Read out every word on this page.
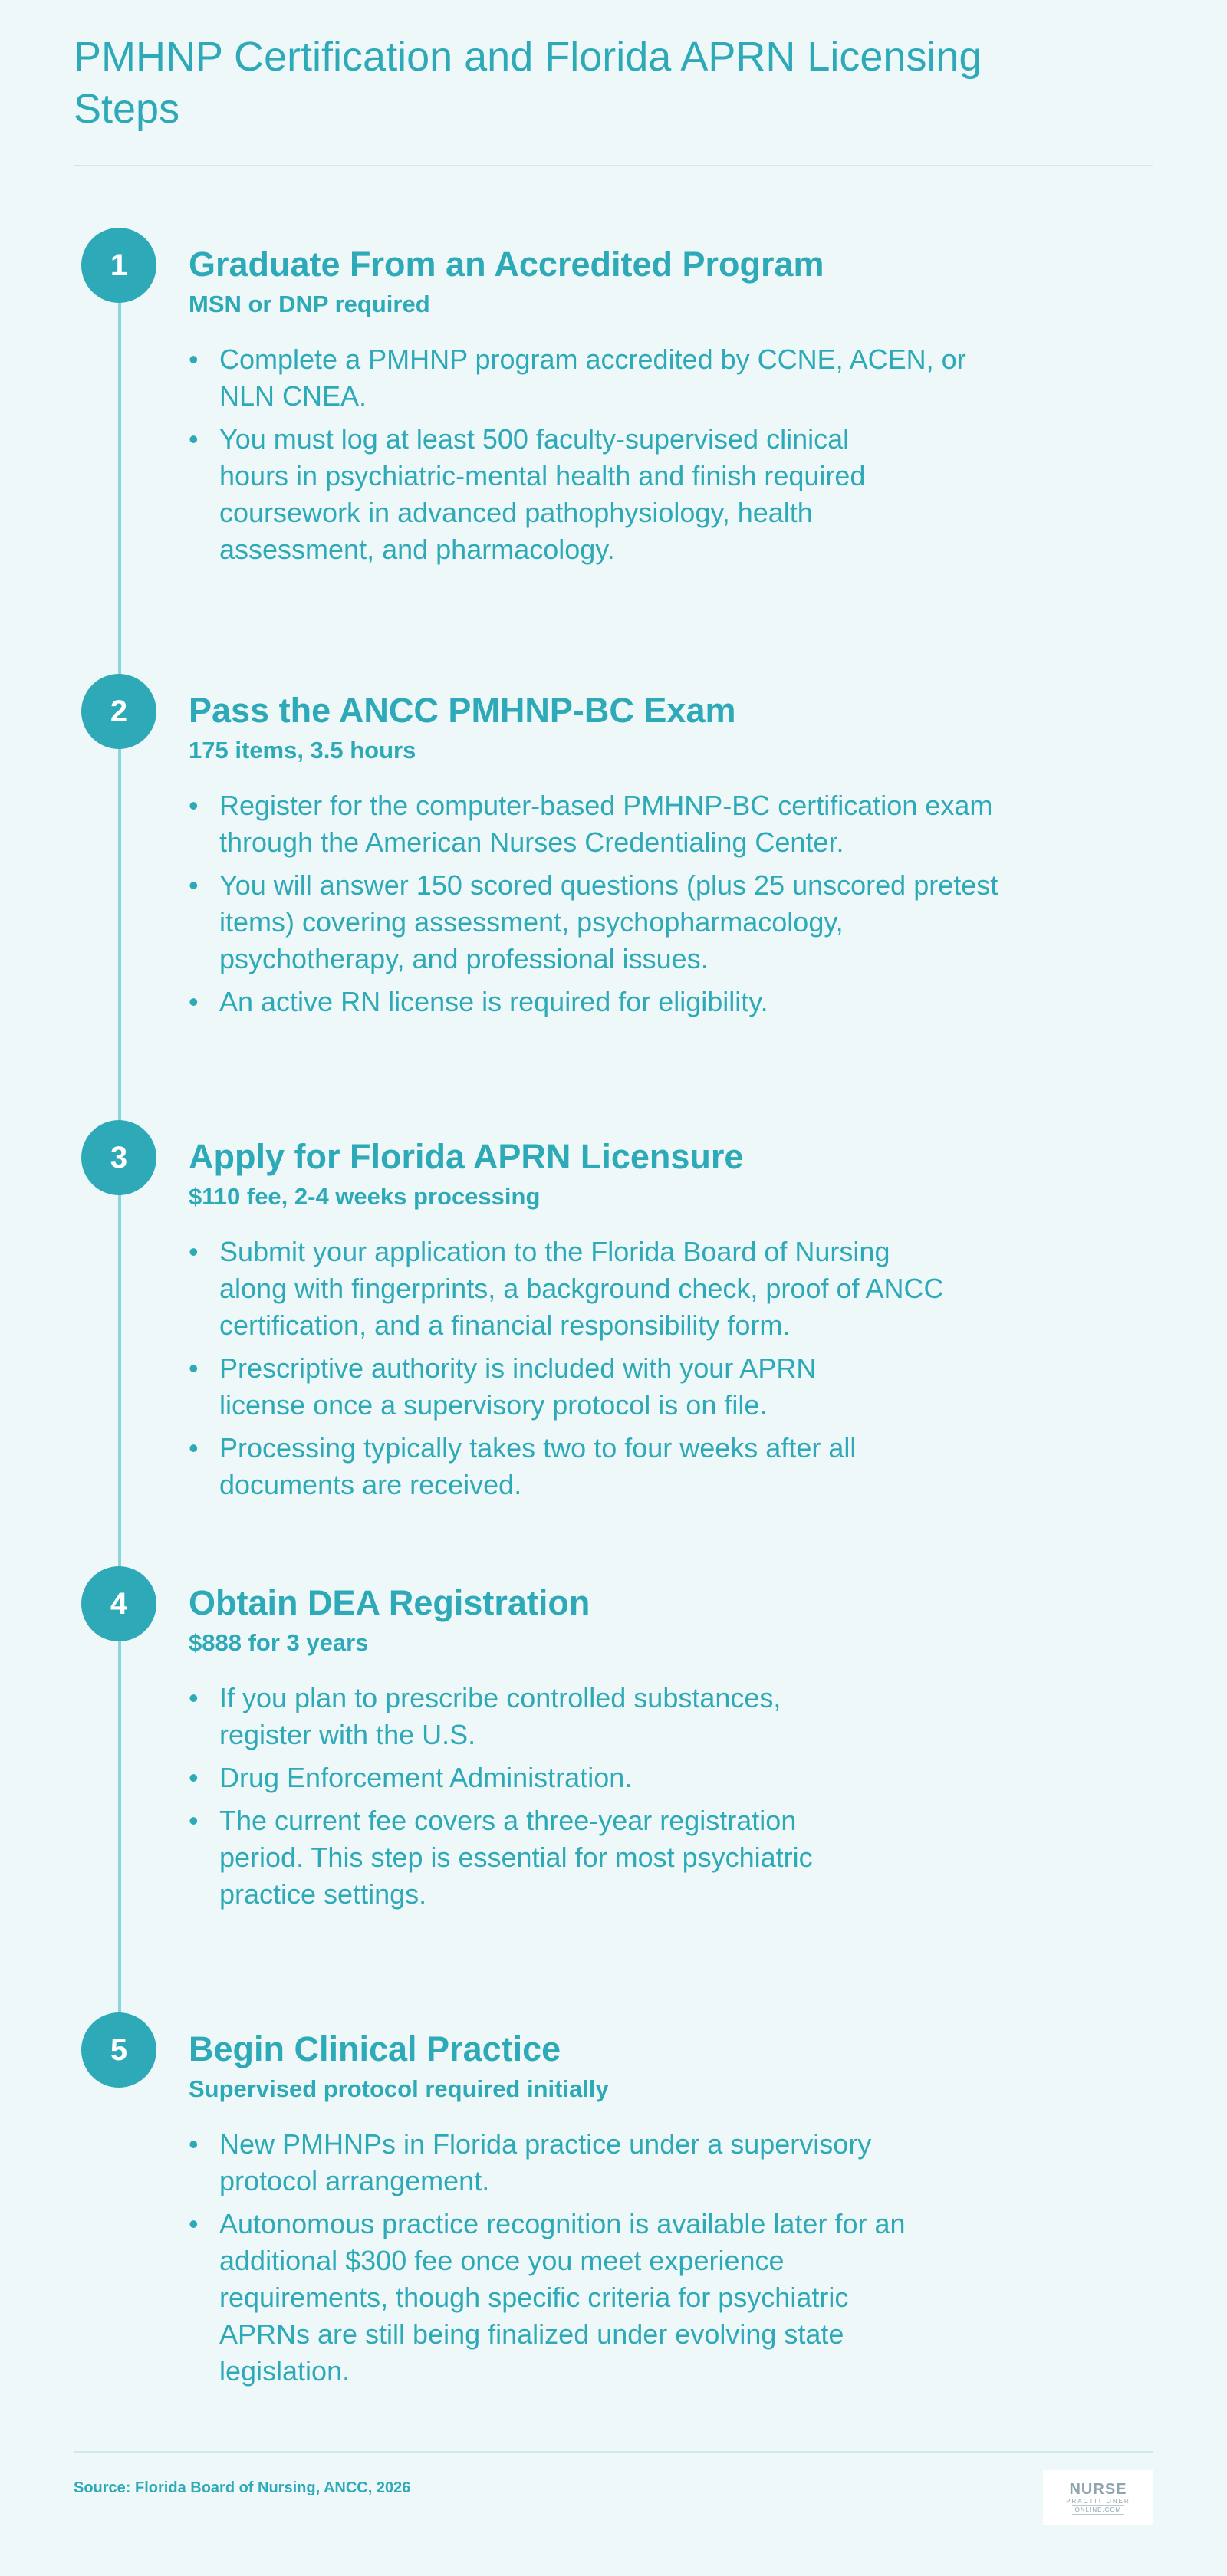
PMHNP Certification and Florida APRN Licensing Steps
1	Graduate From an Accredited Program

MSN or DNP required

• Complete a PMHNP program accredited by CCNE, ACEN, or NLN CNEA.
• You must log at least 500 faculty-supervised clinical hours in psychiatric-mental health and finish required coursework in advanced pathophysiology, health assessment, and pharmacology.
2	Pass the ANCC PMHNP-BC Exam

175 items, 3.5 hours

• Register for the computer-based PMHNP-BC certification exam through the American Nurses Credentialing Center.
• You will answer 150 scored questions (plus 25 unscored pretest items) covering assessment, psychopharmacology, psychotherapy, and professional issues.
• An active RN license is required for eligibility.
3	Apply for Florida APRN Licensure

$110 fee, 2-4 weeks processing

• Submit your application to the Florida Board of Nursing along with fingerprints, a background check, proof of ANCC certification, and a financial responsibility form.
• Prescriptive authority is included with your APRN license once a supervisory protocol is on file.
• Processing typically takes two to four weeks after all documents are received.
4	Obtain DEA Registration

$888 for 3 years

• If you plan to prescribe controlled substances, register with the U.S.
• Drug Enforcement Administration.
• The current fee covers a three-year registration period. This step is essential for most psychiatric practice settings.
5	Begin Clinical Practice

Supervised protocol required initially

• New PMHNPs in Florida practice under a supervisory protocol arrangement.
• Autonomous practice recognition is available later for an additional $300 fee once you meet experience requirements, though specific criteria for psychiatric APRNs are still being finalized under evolving state legislation.
Source: Florida Board of Nursing, ANCC, 2026	NURSE
PRACTITIONER
ONLINE.COM
